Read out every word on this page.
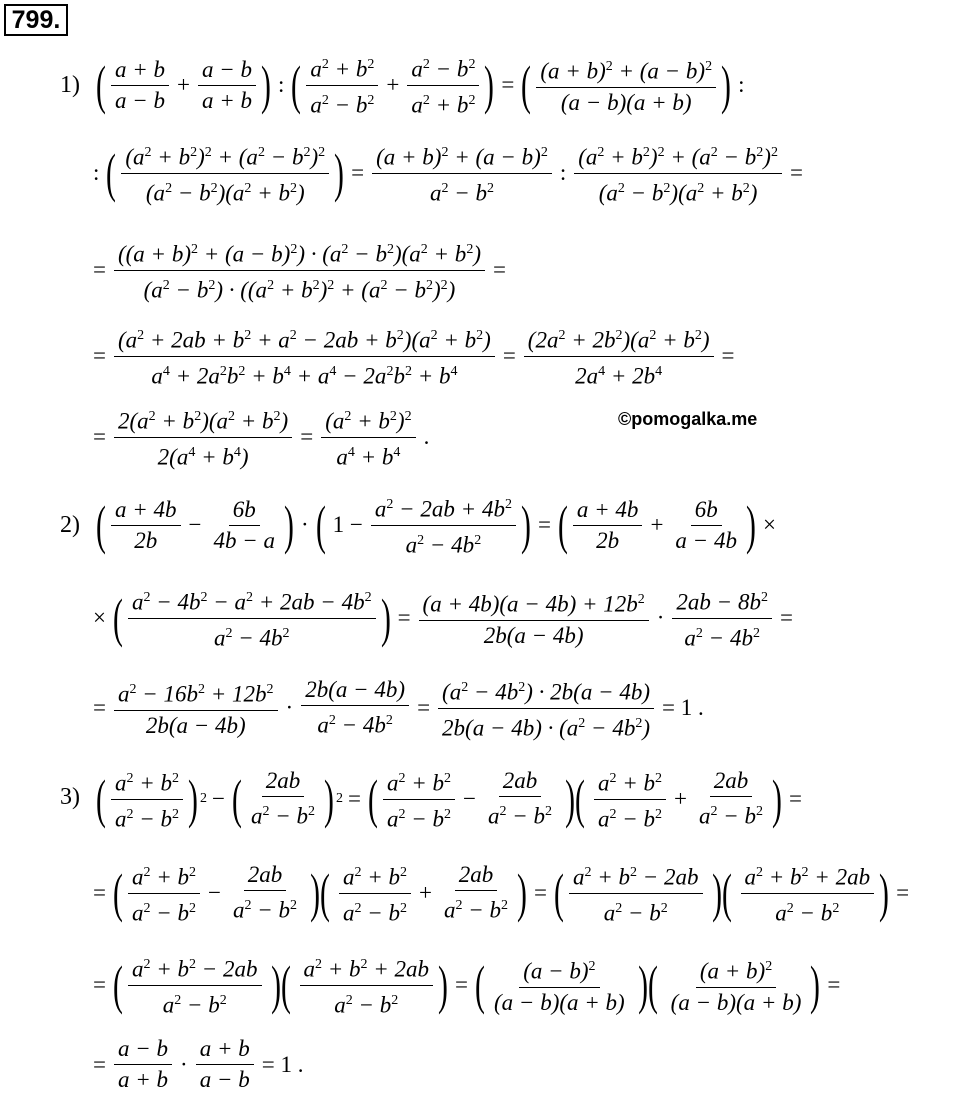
799.
1) ( $\frac{a + b}{a - b} + \frac{a - b}{a + b}$ ) : ( $\frac{a^2 + b^2}{a^2 - b^2} + \frac{a^2 - b^2}{a^2 + b^2}$ ) = ( $\frac{(a + b)^2 + (a - b)^2}{(a - b)(a + b)}$ ) :
: ( $\frac{(a^2 + b^2)^2 + (a^2 - b^2)^2}{(a^2 - b^2)(a^2 + b^2)}$ ) = $\frac{(a + b)^2 + (a - b)^2}{a^2 - b^2}$ : $\frac{(a^2 + b^2)^2 + (a^2 - b^2)^2}{(a^2 - b^2)(a^2 + b^2)}$ =
= $\frac{((a + b)^2 + (a - b)^2) \cdot (a^2 - b^2)(a^2 + b^2)}{(a^2 - b^2) \cdot ((a^2 + b^2)^2 + (a^2 - b^2)^2)}$ =
= $\frac{(a^2 + 2ab + b^2 + a^2 - 2ab + b^2)(a^2 + b^2)}{a^4 + 2a^2b^2 + b^4 + a^4 - 2a^2b^2 + b^4} = \frac{(2a^2 + 2b^2)(a^2 + b^2)}{2a^4 + 2b^4}$ =
= $\frac{2(a^2 + b^2)(a^2 + b^2)}{2(a^4 + b^4)} = \frac{(a^2 + b^2)^2}{a^4 + b^4}$ .
©pomogalka.me
2) ( $\frac{a + 4b}{2b} - \frac{6b}{4b - a}$ ) · ( $1 - \frac{a^2 - 2ab + 4b^2}{a^2 - 4b^2}$ ) = ( $\frac{a + 4b}{2b} + \frac{6b}{a - 4b}$ ) ×
× ( $\frac{a^2 - 4b^2 - a^2 + 2ab - 4b^2}{a^2 - 4b^2}$ ) = $\frac{(a + 4b)(a - 4b) + 12b^2}{2b(a - 4b)} \cdot \frac{2ab - 8b^2}{a^2 - 4b^2}$ =
= $\frac{a^2 - 16b^2 + 12b^2}{2b(a - 4b)} \cdot \frac{2b(a - 4b)}{a^2 - 4b^2} = \frac{(a^2 - 4b^2) \cdot 2b(a - 4b)}{2b(a - 4b) \cdot (a^2 - 4b^2)} = 1$ .
3) ( $\frac{a^2 + b^2}{a^2 - b^2}$ ) 2 − ( $\frac{2ab}{a^2 - b^2}$ ) 2 = ( $\frac{a^2 + b^2}{a^2 - b^2} - \frac{2ab}{a^2 - b^2}$ )( $\frac{a^2 + b^2}{a^2 - b^2} + \frac{2ab}{a^2 - b^2}$ ) =
= ( $\frac{a^2 + b^2}{a^2 - b^2} - \frac{2ab}{a^2 - b^2}$ )( $\frac{a^2 + b^2}{a^2 - b^2} + \frac{2ab}{a^2 - b^2}$ ) = ( $\frac{a^2 + b^2 - 2ab}{a^2 - b^2}$ )( $\frac{a^2 + b^2 + 2ab}{a^2 - b^2}$ ) =
= ( $\frac{a^2 + b^2 - 2ab}{a^2 - b^2}$ )( $\frac{a^2 + b^2 + 2ab}{a^2 - b^2}$ ) = ( $\frac{(a - b)^2}{(a - b)(a + b)}$ )( $\frac{(a + b)^2}{(a - b)(a + b)}$ ) =
= $\frac{a - b}{a + b} \cdot \frac{a + b}{a - b} = 1$ .
